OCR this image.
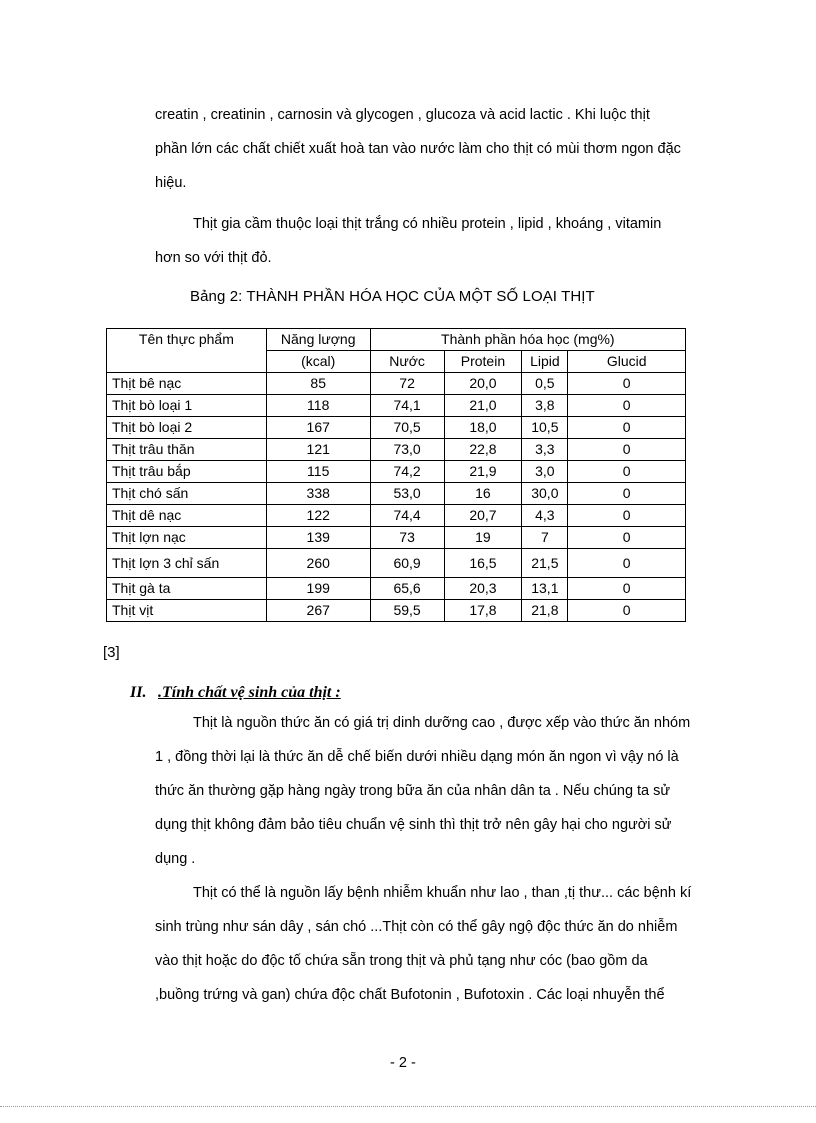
creatin , creatinin , carnosin và glycogen , glucoza và acid lactic . Khi luộc thịt
phần lớn các chất chiết xuất hoà tan vào nước làm cho thịt có mùi thơm ngon đặc
hiệu.
Thịt gia cầm thuộc loại thịt trắng có nhiều protein , lipid , khoáng , vitamin
hơn so với thịt đỏ.
Bảng 2: THÀNH PHẦN HÓA HỌC CỦA MỘT SỐ LOẠI THỊT
Tên thực phẩm	Năng lượng	Thành phần hóa học (mg%)			
	(kcal)	Nước	Protein	Lipid	Glucid
Thịt bê nạc	85	72	20,0	0,5	0
Thịt bò loại 1	118	74,1	21,0	3,8	0
Thịt bò loại 2	167	70,5	18,0	10,5	0
Thịt trâu thăn	121	73,0	22,8	3,3	0
Thịt trâu bắp	115	74,2	21,9	3,0	0
Thịt chó sấn	338	53,0	16	30,0	0
Thịt dê nạc	122	74,4	20,7	4,3	0
Thịt lợn nạc	139	73	19	7	0
Thịt lợn 3 chỉ sấn	260	60,9	16,5	21,5	0
Thịt gà ta	199	65,6	20,3	13,1	0
Thịt vịt	267	59,5	17,8	21,8	0
[3]
II. .Tính chất vệ sinh của thịt :
Thịt là nguồn thức ăn có giá trị dinh dưỡng cao , được xếp vào thức ăn nhóm
1 , đồng thời lại là thức ăn dễ chế biến dưới nhiều dạng món ăn ngon vì vậy nó là
thức ăn thường gặp hàng ngày trong bữa ăn của nhân dân ta . Nếu chúng ta sử
dụng thịt không đảm bảo tiêu chuẩn vệ sinh thì thịt trở nên gây hại cho người sử
dụng .
Thịt có thể là nguồn lấy bệnh nhiễm khuẩn như lao , than ,tị thư... các bệnh kí
sinh trùng như sán dây , sán chó ...Thịt còn có thể gây ngộ độc thức ăn do nhiễm
vào thịt hoặc do độc tố chứa sẵn trong thịt và phủ tạng như cóc (bao gồm da
,buồng trứng và gan) chứa độc chất Bufotonin , Bufotoxin . Các loại nhuyễn thể
- 2 -
